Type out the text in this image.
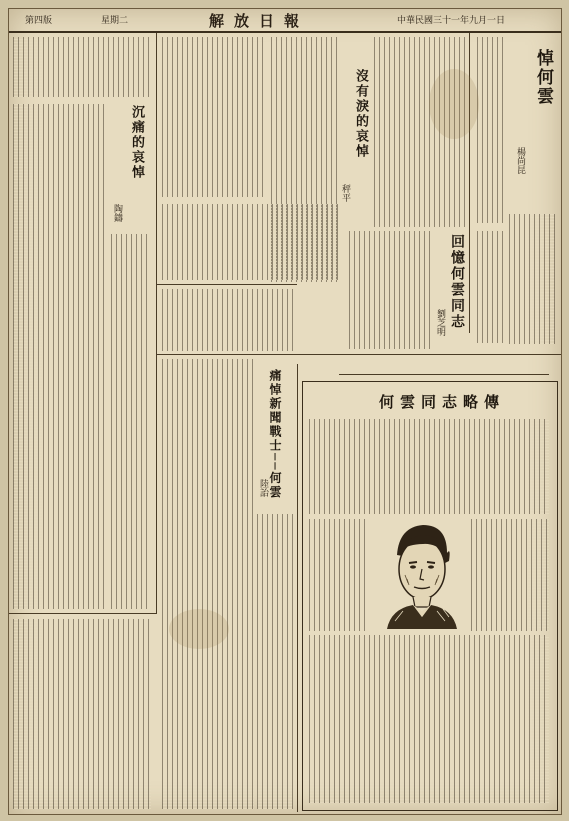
第四版	星期二	解放日報	中華民國三十一年九月一日
悼何雲
楊尚昆
沒有淚的哀悼
秤平
回憶何雲同志
劉芝明
沉痛的哀悼
陶鑄
痛悼新聞戰士──何雲
陸詒
何雲同志略傳
